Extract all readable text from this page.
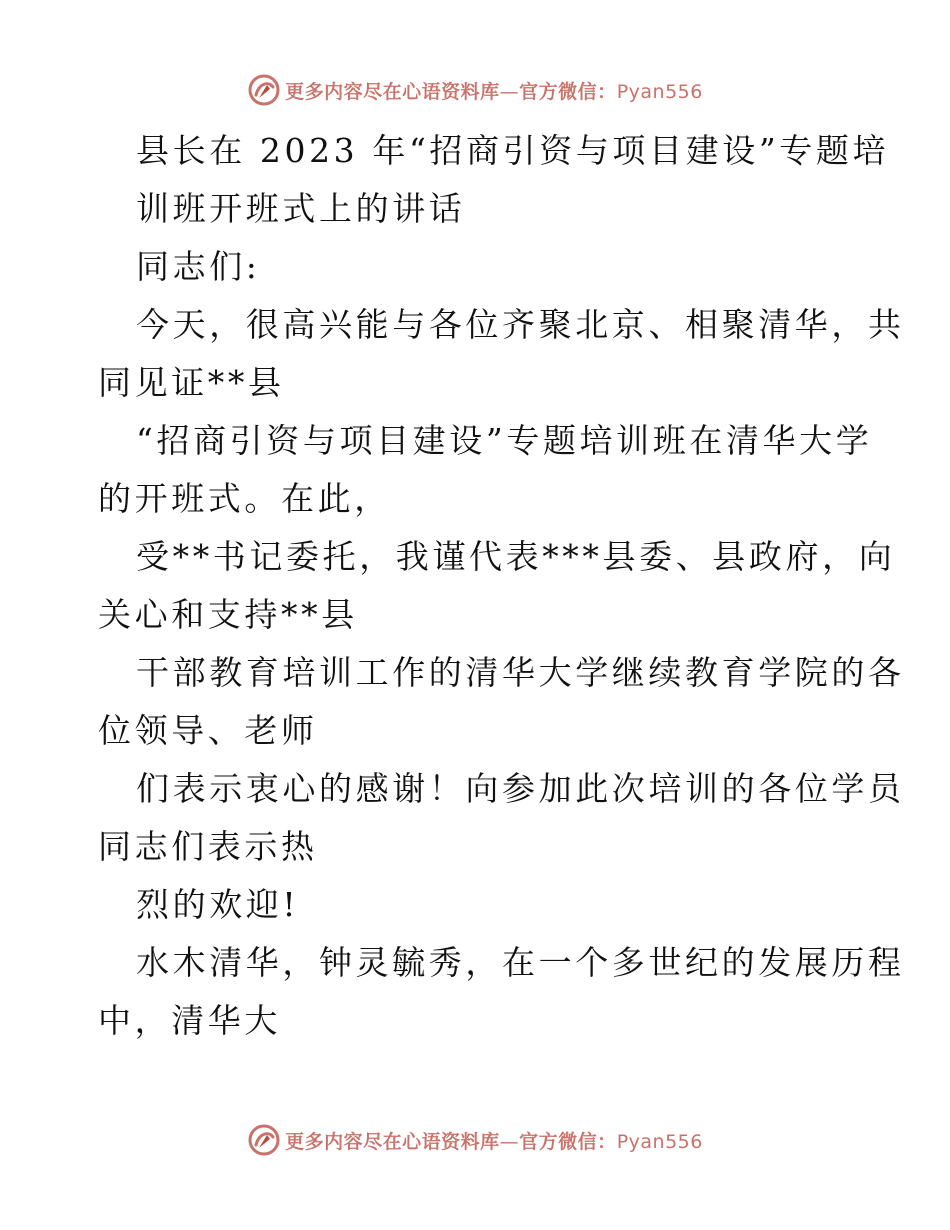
更多内容尽在心语资料库—官方微信：Pyan556
县长在 2023 年“招商引资与项目建设”专题培
训班开班式上的讲话
同志们:
今天，很高兴能与各位齐聚北京、相聚清华，共
同见证**县
“招商引资与项目建设”专题培训班在清华大学
的开班式。在此，
受**书记委托，我谨代表***县委、县政府，向
关心和支持**县
干部教育培训工作的清华大学继续教育学院的各
位领导、老师
们表示衷心的感谢！向参加此次培训的各位学员
同志们表示热
烈的欢迎!
水木清华，钟灵毓秀，在一个多世纪的发展历程
中，清华大
更多内容尽在心语资料库—官方微信：Pyan556
